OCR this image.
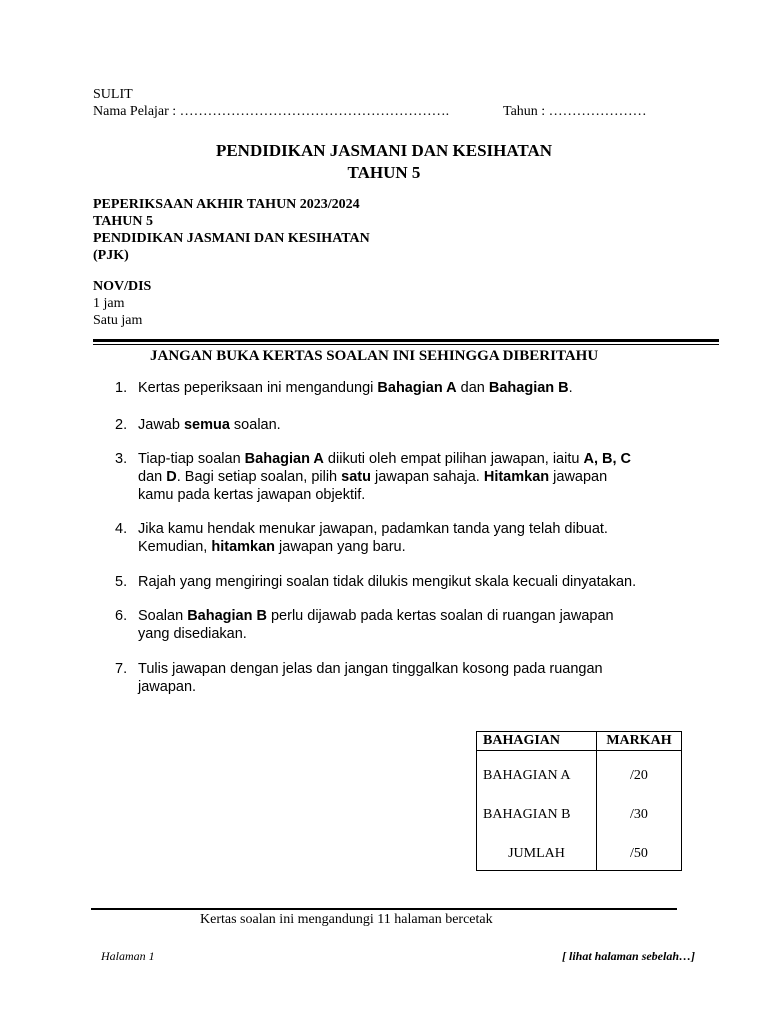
SULIT
Nama Pelajar : ………………………………………………….	Tahun : …………………
PENDIDIKAN JASMANI DAN KESIHATAN
TAHUN 5
PEPERIKSAAN AKHIR TAHUN 2023/2024
TAHUN 5
PENDIDIKAN JASMANI DAN KESIHATAN
(PJK)
NOV/DIS
1 jam
Satu jam
JANGAN BUKA KERTAS SOALAN INI SEHINGGA DIBERITAHU
1. Kertas peperiksaan ini mengandungi Bahagian A dan Bahagian B.
2. Jawab semua soalan.
3. Tiap-tiap soalan Bahagian A diikuti oleh empat pilihan jawapan, iaitu A, B, C
dan D. Bagi setiap soalan, pilih satu jawapan sahaja. Hitamkan jawapan
kamu pada kertas jawapan objektif.
4. Jika kamu hendak menukar jawapan, padamkan tanda yang telah dibuat.
Kemudian, hitamkan jawapan yang baru.
5. Rajah yang mengiringi soalan tidak dilukis mengikut skala kecuali dinyatakan.
6. Soalan Bahagian B perlu dijawab pada kertas soalan di ruangan jawapan
yang disediakan.
7. Tulis jawapan dengan jelas dan jangan tinggalkan kosong pada ruangan
jawapan.
BAHAGIAN	MARKAH
BAHAGIAN A	/20
BAHAGIAN B	/30
JUMLAH	/50
Kertas soalan ini mengandungi 11 halaman bercetak
Halaman 1	[ lihat halaman sebelah…]
